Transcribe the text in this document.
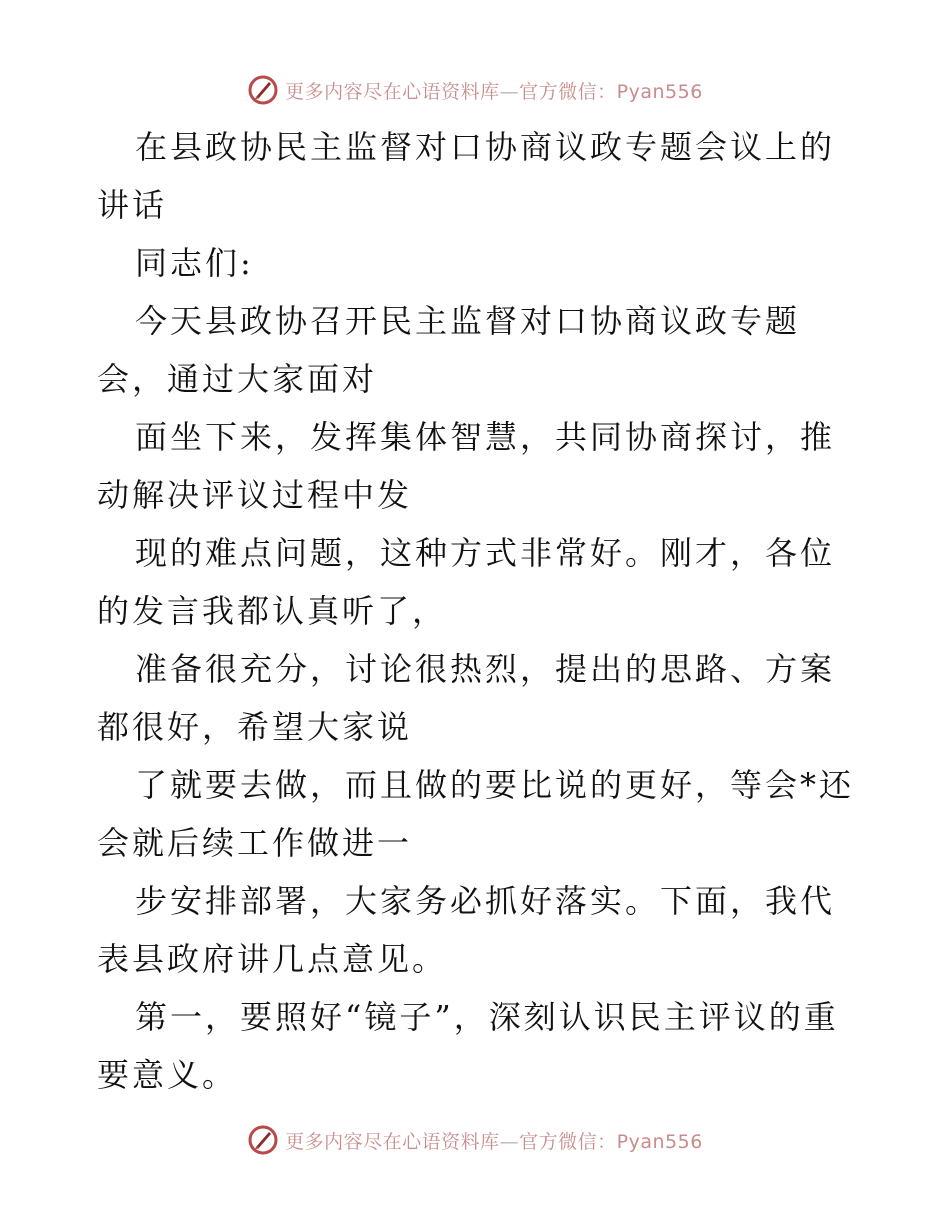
更多内容尽在心语资料库—官方微信：Pyan556

在县政协民主监督对口协商议政专题会议上的讲话

同志们:

今天县政协召开民主监督对口协商议政专题会，通过大家面对

面坐下来，发挥集体智慧，共同协商探讨，推动解决评议过程中发

现的难点问题，这种方式非常好。刚才，各位的发言我都认真听了，

准备很充分，讨论很热烈，提出的思路、方案都很好，希望大家说

了就要去做，而且做的要比说的更好，等会*还会就后续工作做进一

步安排部署，大家务必抓好落实。下面，我代表县政府讲几点意见。

第一，要照好“镜子”，深刻认识民主评议的重要意义。

更多内容尽在心语资料库—官方微信：Pyan556
